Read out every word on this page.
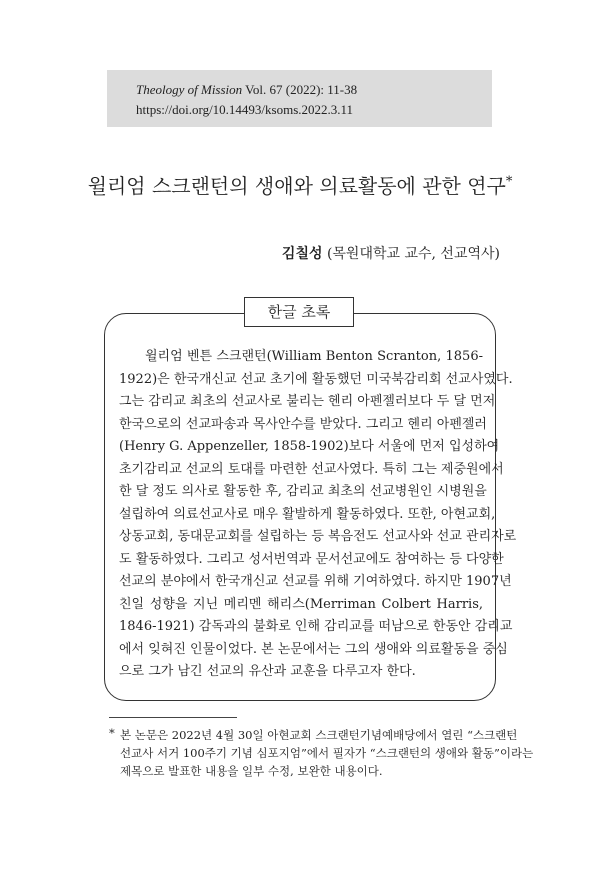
Theology of Mission Vol. 67 (2022): 11-38
https://doi.org/10.14493/ksoms.2022.3.11
윌리엄 스크랜턴의 생애와 의료활동에 관한 연구*
김칠성 (목원대학교 교수, 선교역사)
한글 초록
윌리엄 벤튼 스크랜턴(William Benton Scranton, 1856-
1922)은 한국개신교 선교 초기에 활동했던 미국북감리회 선교사였다.
그는 감리교 최초의 선교사로 불리는 헨리 아펜젤러보다 두 달 먼저
한국으로의 선교파송과 목사안수를 받았다. 그리고 헨리 아펜젤러
(Henry G. Appenzeller, 1858-1902)보다 서울에 먼저 입성하여
초기감리교 선교의 토대를 마련한 선교사였다. 특히 그는 제중원에서
한 달 정도 의사로 활동한 후, 감리교 최초의 선교병원인 시병원을
설립하여 의료선교사로 매우 활발하게 활동하였다. 또한, 아현교회,
상동교회, 동대문교회를 설립하는 등 복음전도 선교사와 선교 관리자로
도 활동하였다. 그리고 성서번역과 문서선교에도 참여하는 등 다양한
선교의 분야에서 한국개신교 선교를 위해 기여하였다. 하지만 1907년
친일 성향을 지닌 메리멘 해리스(Merriman Colbert Harris,
1846-1921) 감독과의 불화로 인해 감리교를 떠남으로 한동안 감리교
에서 잊혀진 인물이었다. 본 논문에서는 그의 생애와 의료활동을 중심
으로 그가 남긴 선교의 유산과 교훈을 다루고자 한다.
* 본 논문은 2022년 4월 30일 아현교회 스크랜턴기념예배당에서 열린 “스크랜턴
선교사 서거 100주기 기념 심포지엄”에서 필자가 “스크랜턴의 생애와 활동”이라는
제목으로 발표한 내용을 일부 수정, 보완한 내용이다.
